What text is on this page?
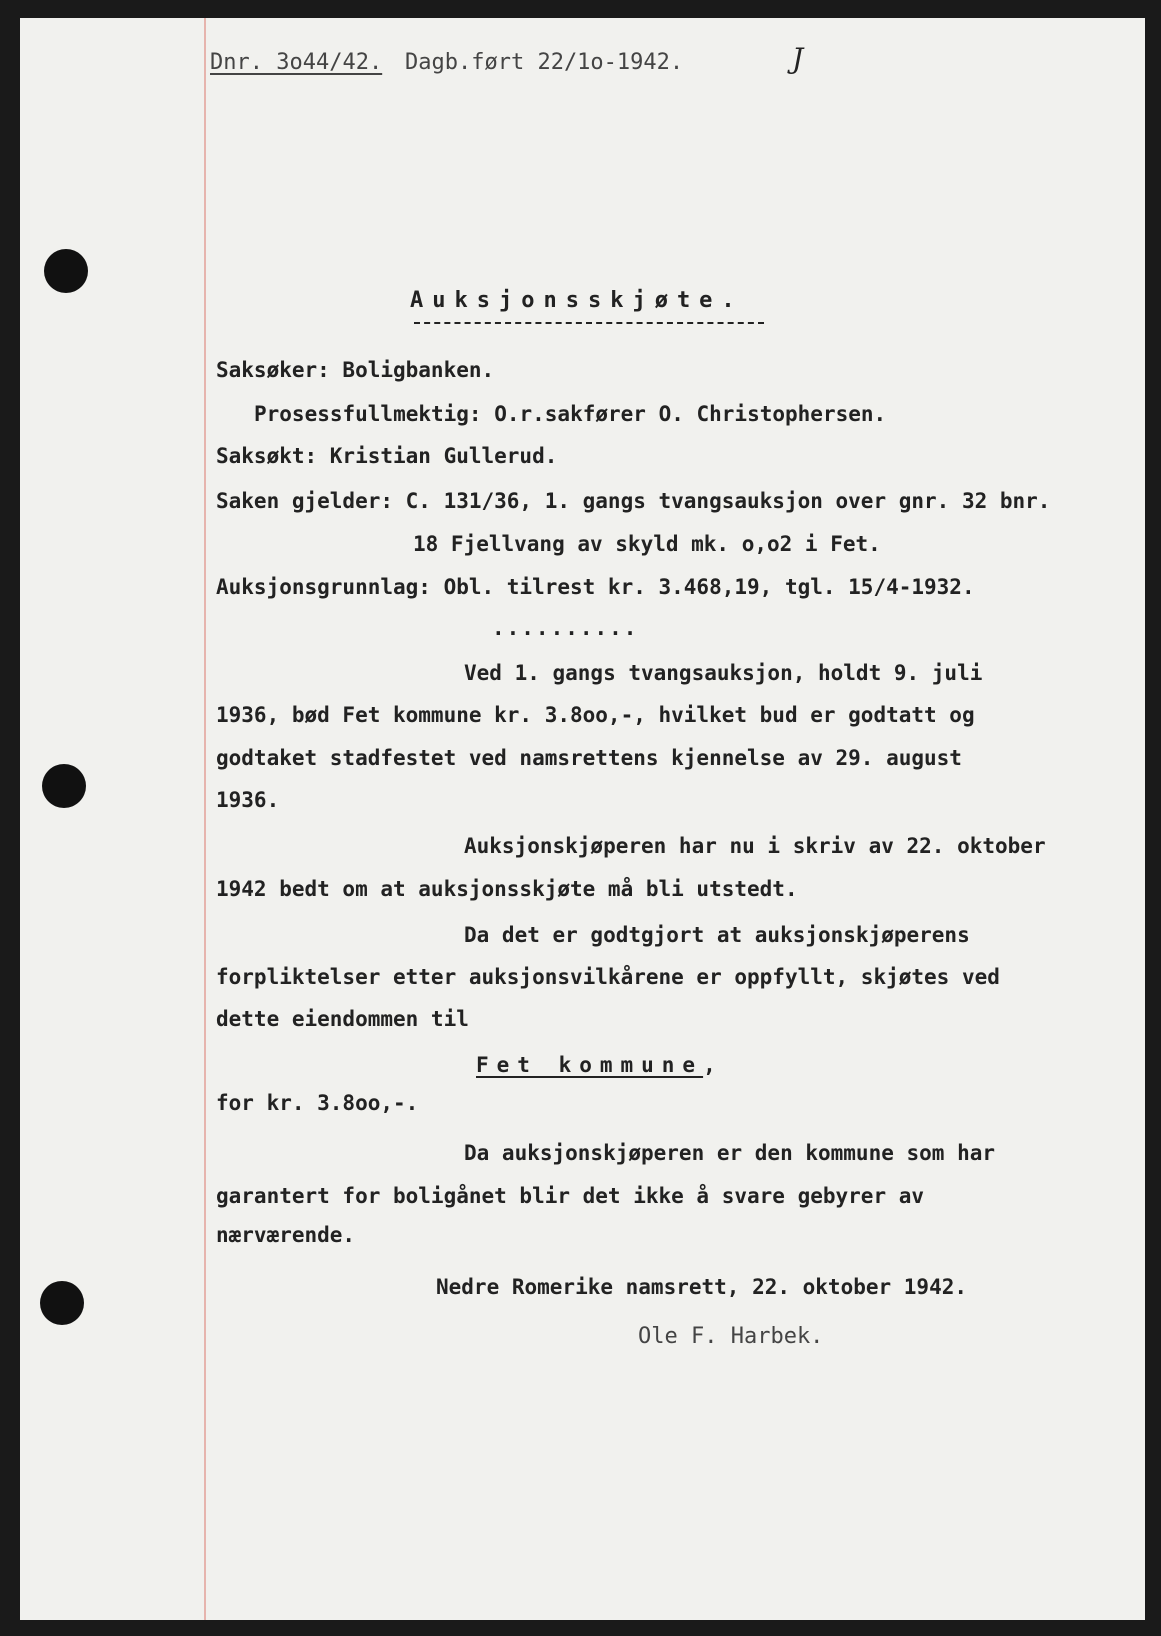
Dnr. 3o44/42. Dagb.ført 22/1o-1942.	J
Auksjonsskjøte.
Saksøker: Boligbanken.
Prosessfullmektig: O.r.sakfører O. Christophersen.
Saksøkt: Kristian Gullerud.
Saken gjelder: C. 131/36, 1. gangs tvangsauksjon over gnr. 32 bnr.
18 Fjellvang av skyld mk. o,o2 i Fet.
Auksjonsgrunnlag: Obl. tilrest kr. 3.468,19, tgl. 15/4-1932.
..........
Ved 1. gangs tvangsauksjon, holdt 9. juli
1936, bød Fet kommune kr. 3.8oo,-, hvilket bud er godtatt og
godtaket stadfestet ved namsrettens kjennelse av 29. august
1936.
Auksjonskjøperen har nu i skriv av 22. oktober
1942 bedt om at auksjonsskjøte må bli utstedt.
Da det er godtgjort at auksjonskjøperens
forpliktelser etter auksjonsvilkårene er oppfyllt, skjøtes ved
dette eiendommen til
Fet kommune,
for kr. 3.8oo,-.
Da auksjonskjøperen er den kommune som har
garantert for boligånet blir det ikke å svare gebyrer av
nærværende.
Nedre Romerike namsrett, 22. oktober 1942.
Ole F. Harbek.
